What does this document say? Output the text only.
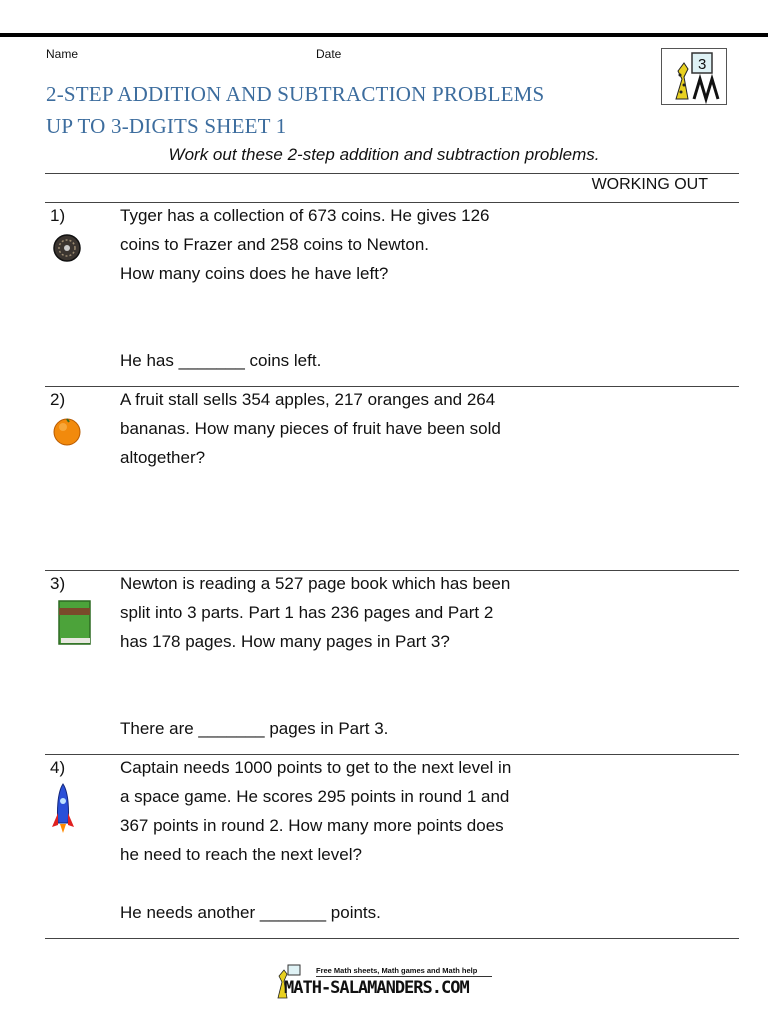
Name	Date
3
2-STEP ADDITION AND SUBTRACTION PROBLEMS
UP TO 3-DIGITS SHEET 1
Work out these 2-step addition and subtraction problems.
WORKING OUT
1)	Tyger has a collection of 673 coins. He gives 126
coins to Frazer and 258 coins to Newton.
How many coins does he have left?
He has _______ coins left.
2)	A fruit stall sells 354 apples, 217 oranges and 264
bananas. How many pieces of fruit have been sold
altogether?
3)	Newton is reading a 527 page book which has been
split into 3 parts. Part 1 has 236 pages and Part 2
has 178 pages. How many pages in Part 3?
There are _______ pages in Part 3.
4)	Captain needs 1000 points to get to the next level in
a space game. He scores 295 points in round 1 and
367 points in round 2. How many more points does
he need to reach the next level?
He needs another _______ points.
Free Math sheets, Math games and Math help
MATH-SALAMANDERS.COM
